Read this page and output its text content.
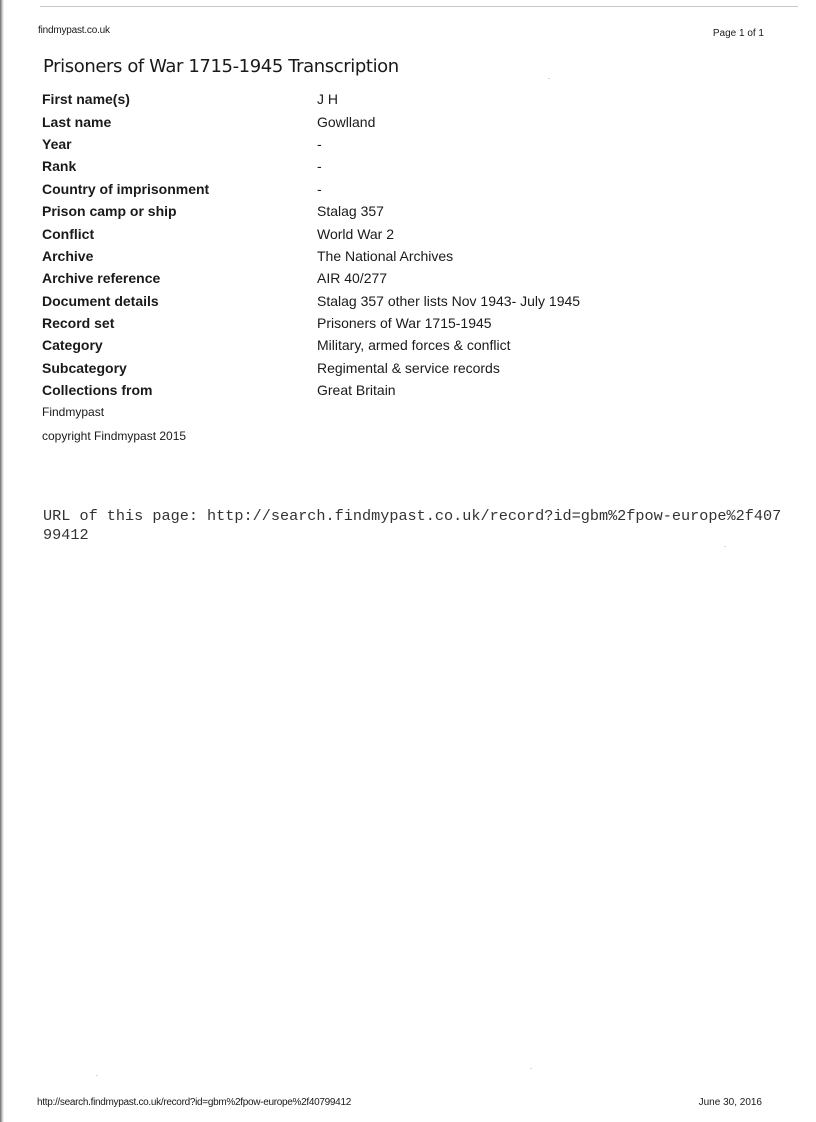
findmypast.co.uk	Page 1 of 1
Prisoners of War 1715-1945 Transcription
First name(s)	J H
Last name	Gowlland
Year	-
Rank	-
Country of imprisonment	-
Prison camp or ship	Stalag 357
Conflict	World War 2
Archive	The National Archives
Archive reference	AIR 40/277
Document details	Stalag 357 other lists Nov 1943- July 1945
Record set	Prisoners of War 1715-1945
Category	Military, armed forces & conflict
Subcategory	Regimental & service records
Collections from	Great Britain
Findmypast
copyright Findmypast 2015
URL of this page: http://search.findmypast.co.uk/record?id=gbm%2fpow-europe%2f40799412
http://search.findmypast.co.uk/record?id=gbm%2fpow-europe%2f40799412	June 30, 2016
